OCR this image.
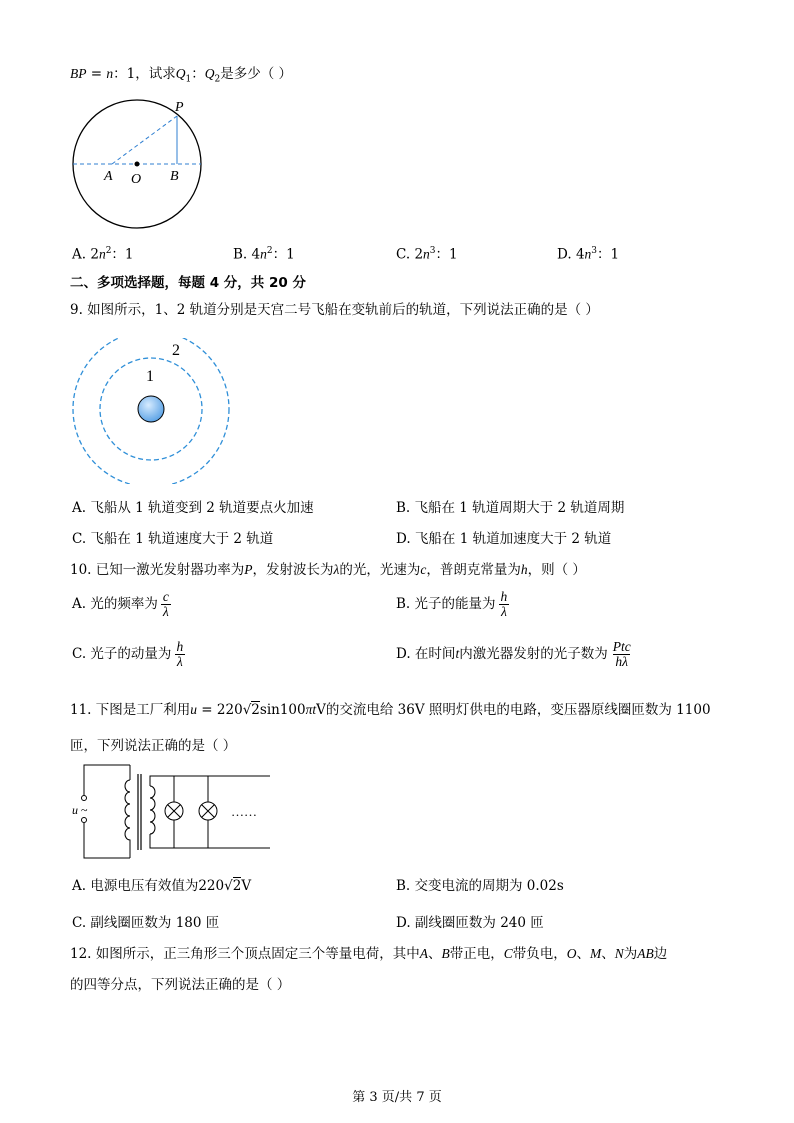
BP = n：1，试求$Q_1$：$Q_2$是多少（ ）
P
A O B
A. $2n^2$：1	B. $4n^2$：1	C. $2n^3$：1	D. $4n^3$：1
二、多项选择题，每题 4 分，共 20 分
9. 如图所示，1、2 轨道分别是天宫二号飞船在变轨前后的轨道，下列说法正确的是（ ）
1
2
A. 飞船从 1 轨道变到 2 轨道要点火加速	B. 飞船在 1 轨道周期大于 2 轨道周期
C. 飞船在 1 轨道速度大于 2 轨道	D. 飞船在 1 轨道加速度大于 2 轨道
10. 已知一激光发射器功率为P，发射波长为λ的光，光速为c，普朗克常量为h，则（ ）
A. 光的频率为 $\frac{c}{\lambda}$	B. 光子的能量为 $\frac{h}{\lambda}$
C. 光子的动量为 $\frac{h}{\lambda}$	D. 在时间t内激光器发射的光子数为 $\frac{\text{Ptc}}{h\lambda}$
11. 下图是工厂利用u = 220√2sin100πtV的交流电给 36V 照明灯供电的电路，变压器原线圈匝数为 1100
匝，下列说法正确的是（ ）
u ~	……
A. 电源电压有效值为220√2V	B. 交变电流的周期为 0.02s
C. 副线圈匝数为 180 匝	D. 副线圈匝数为 240 匝
12. 如图所示，正三角形三个顶点固定三个等量电荷，其中A、B带正电，C带负电，O、M、N为AB边
的四等分点，下列说法正确的是（ ）
第 3 页/共 7 页
